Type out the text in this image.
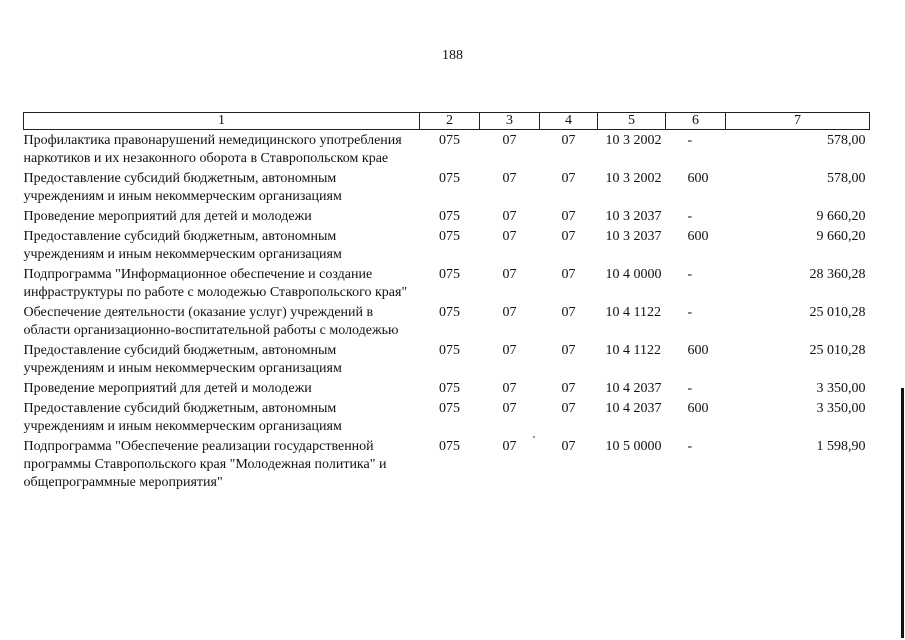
188
1	2	3	4	5	6	7
Профилактика правонарушений немедицинского употребления наркотиков и их незаконного оборота в Ставропольском крае	075	07	07	10 3 2002	-	578,00
Предоставление субсидий бюджетным, автономным учреждениям и иным некоммерческим организациям	075	07	07	10 3 2002	600	578,00
Проведение мероприятий для детей и молодежи	075	07	07	10 3 2037	-	9 660,20
Предоставление субсидий бюджетным, автономным учреждениям и иным некоммерческим организациям	075	07	07	10 3 2037	600	9 660,20
Подпрограмма "Информационное обеспечение и создание инфраструктуры по работе с молодежью Ставропольского края"	075	07	07	10 4 0000	-	28 360,28
Обеспечение деятельности (оказание услуг) учреждений в области организационно-воспитательной работы с молодежью	075	07	07	10 4 1122	-	25 010,28
Предоставление субсидий бюджетным, автономным учреждениям и иным некоммерческим организациям	075	07	07	10 4 1122	600	25 010,28
Проведение мероприятий для детей и молодежи	075	07	07	10 4 2037	-	3 350,00
Предоставление субсидий бюджетным, автономным учреждениям и иным некоммерческим организациям	075	07	07	10 4 2037	600	3 350,00
Подпрограмма "Обеспечение реализации государственной программы Ставропольского края "Молодежная политика" и общепрограммные мероприятия"	075	07	07	10 5 0000	-	1 598,90
